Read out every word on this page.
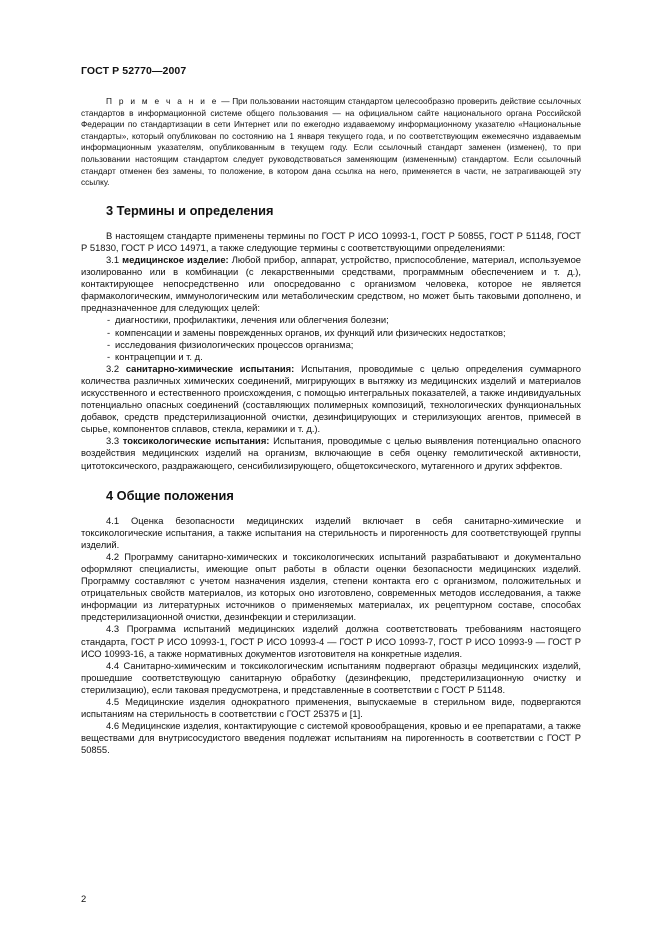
ГОСТ Р 52770—2007

П р и м е ч а н и е — При пользовании настоящим стандартом целесообразно проверить действие ссылочных стандартов в информационной системе общего пользования — на официальном сайте национального органа Российской Федерации по стандартизации в сети Интернет или по ежегодно издаваемому информационному указателю «Национальные стандарты», который опубликован по состоянию на 1 января текущего года, и по соответствующим ежемесячно издаваемым информационным указателям, опубликованным в текущем году. Если ссылочный стандарт заменен (изменен), то при пользовании настоящим стандартом следует руководствоваться заменяющим (измененным) стандартом. Если ссылочный стандарт отменен без замены, то положение, в котором дана ссылка на него, применяется в части, не затрагивающей эту ссылку.

3 Термины и определения

В настоящем стандарте применены термины по ГОСТ Р ИСО 10993-1, ГОСТ Р 50855, ГОСТ Р 51148, ГОСТ Р 51830, ГОСТ Р ИСО 14971, а также следующие термины с соответствующими определениями:

3.1 медицинское изделие: Любой прибор, аппарат, устройство, приспособление, материал, используемое изолированно или в комбинации (с лекарственными средствами, программным обеспечением и т. д.), контактирующее непосредственно или опосредованно с организмом человека, которое не является фармакологическим, иммунологическим или метаболическим средством, но может быть таковыми дополнено, и предназначенное для следующих целей:

- диагностики, профилактики, лечения или облегчения болезни;
- компенсации и замены поврежденных органов, их функций или физических недостатков;
- исследования физиологических процессов организма;
- контрацепции и т. д.

3.2 санитарно-химические испытания: Испытания, проводимые с целью определения суммарного количества различных химических соединений, мигрирующих в вытяжку из медицинских изделий и материалов искусственного и естественного происхождения, с помощью интегральных показателей, а также индивидуальных потенциально опасных соединений (составляющих полимерных композиций, технологических функциональных добавок, средств предстерилизационной очистки, дезинфицирующих и стерилизующих агентов, примесей в сырье, компонентов сплавов, стекла, керамики и т. д.).

3.3 токсикологические испытания: Испытания, проводимые с целью выявления потенциально опасного воздействия медицинских изделий на организм, включающие в себя оценку гемолитической активности, цитотоксического, раздражающего, сенсибилизирующего, общетоксического, мутагенного и других эффектов.

4 Общие положения

4.1 Оценка безопасности медицинских изделий включает в себя санитарно-химические и токсикологические испытания, а также испытания на стерильность и пирогенность для соответствующей группы изделий.

4.2 Программу санитарно-химических и токсикологических испытаний разрабатывают и документально оформляют специалисты, имеющие опыт работы в области оценки безопасности медицинских изделий. Программу составляют с учетом назначения изделия, степени контакта его с организмом, положительных и отрицательных свойств материалов, из которых оно изготовлено, современных методов исследования, а также информации из литературных источников о применяемых материалах, их рецептурном составе, способах предстерилизационной очистки, дезинфекции и стерилизации.

4.3 Программа испытаний медицинских изделий должна соответствовать требованиям настоящего стандарта, ГОСТ Р ИСО 10993-1, ГОСТ Р ИСО 10993-4 — ГОСТ Р ИСО 10993-7, ГОСТ Р ИСО 10993-9 — ГОСТ Р ИСО 10993-16, а также нормативных документов изготовителя на конкретные изделия.

4.4 Санитарно-химическим и токсикологическим испытаниям подвергают образцы медицинских изделий, прошедшие соответствующую санитарную обработку (дезинфекцию, предстерилизационную очистку и стерилизацию), если таковая предусмотрена, и представленные в соответствии с ГОСТ Р 51148.

4.5 Медицинские изделия однократного применения, выпускаемые в стерильном виде, подвергаются испытаниям на стерильность в соответствии с ГОСТ 25375 и [1].

4.6 Медицинские изделия, контактирующие с системой кровообращения, кровью и ее препаратами, а также веществами для внутрисосудистого введения подлежат испытаниям на пирогенность в соответствии с ГОСТ Р 50855.

2
